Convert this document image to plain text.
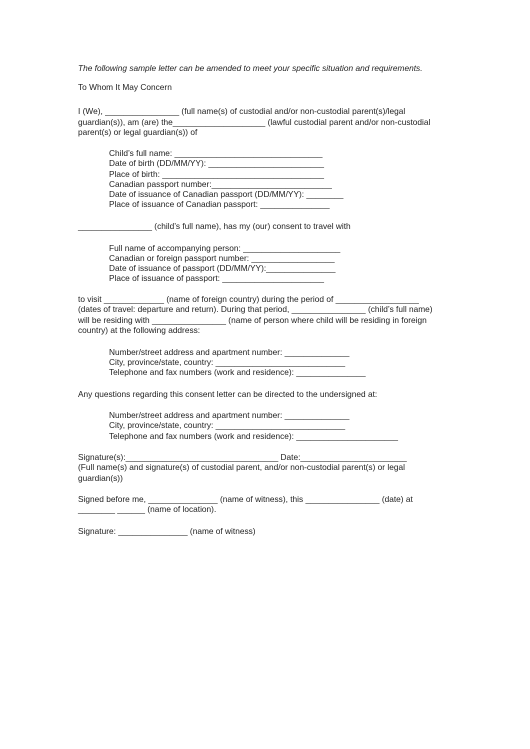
The following sample letter can be amended to meet your specific situation and requirements.
To Whom It May Concern
I (We), ________________ (full name(s) of custodial and/or non-custodial parent(s)/legal
guardian(s)), am (are) the____________________ (lawful custodial parent and/or non-custodial
parent(s) or legal guardian(s)) of
Child’s full name: ________________________________
Date of birth (DD/MM/YY): _________________________
Place of birth: ___________________________________
Canadian passport number:__________________________
Date of issuance of Canadian passport (DD/MM/YY): ________
Place of issuance of Canadian passport: _______________
________________ (child’s full name), has my (our) consent to travel with
Full name of accompanying person: _____________________
Canadian or foreign passport number: __________________
Date of issuance of passport (DD/MM/YY):_______________
Place of issuance of passport: ______________________
to visit _____________ (name of foreign country) during the period of __________________
(dates of travel: departure and return). During that period, ________________ (child’s full name)
will be residing with ________________ (name of person where child will be residing in foreign
country) at the following address:
Number/street address and apartment number: ______________
City, province/state, country: ____________________________
Telephone and fax numbers (work and residence): _______________
Any questions regarding this consent letter can be directed to the undersigned at:
Number/street address and apartment number: ______________
City, province/state, country: ____________________________
Telephone and fax numbers (work and residence): ______________________
Signature(s):_________________________________ Date:_______________________
(Full name(s) and signature(s) of custodial parent, and/or non-custodial parent(s) or legal
guardian(s))
Signed before me, _______________ (name of witness), this ________________ (date) at
________ ______ (name of location).
Signature: _______________ (name of witness)
